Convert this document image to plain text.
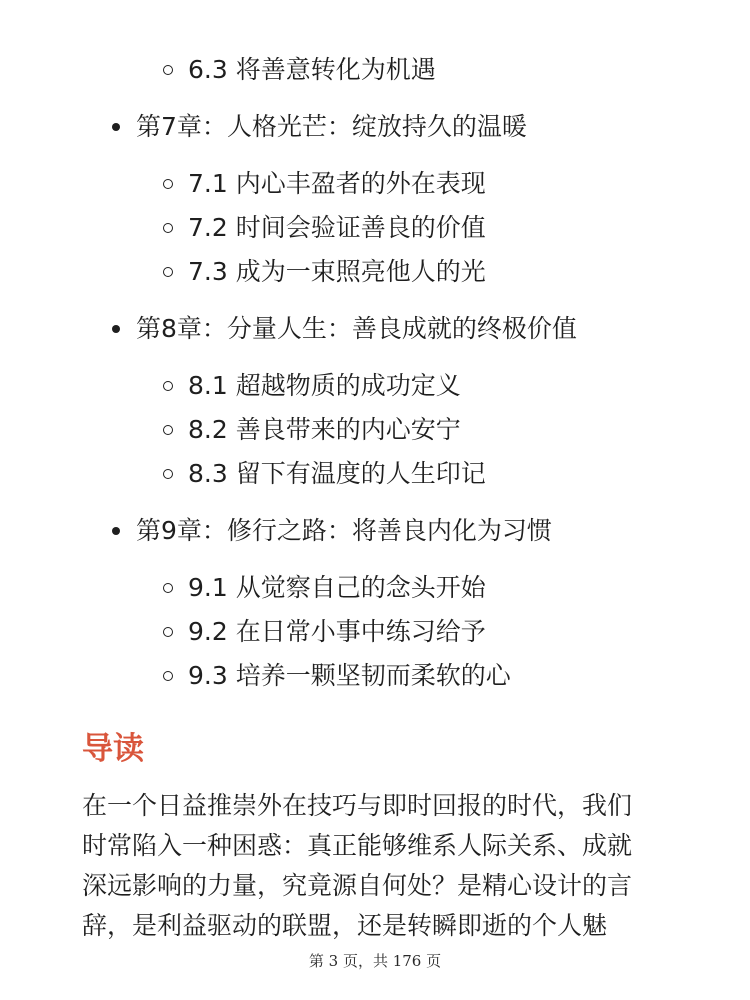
6.3 将善意转化为机遇
第7章：人格光芒：绽放持久的温暖
7.1 内心丰盈者的外在表现
7.2 时间会验证善良的价值
7.3 成为一束照亮他人的光
第8章：分量人生：善良成就的终极价值
8.1 超越物质的成功定义
8.2 善良带来的内心安宁
8.3 留下有温度的人生印记
第9章：修行之路：将善良内化为习惯
9.1 从觉察自己的念头开始
9.2 在日常小事中练习给予
9.3 培养一颗坚韧而柔软的心
导读
在一个日益推崇外在技巧与即时回报的时代，我们
时常陷入一种困惑：真正能够维系人际关系、成就
深远影响的力量，究竟源自何处？是精心设计的言
辞，是利益驱动的联盟，还是转瞬即逝的个人魅
第 3 页，共 176 页
